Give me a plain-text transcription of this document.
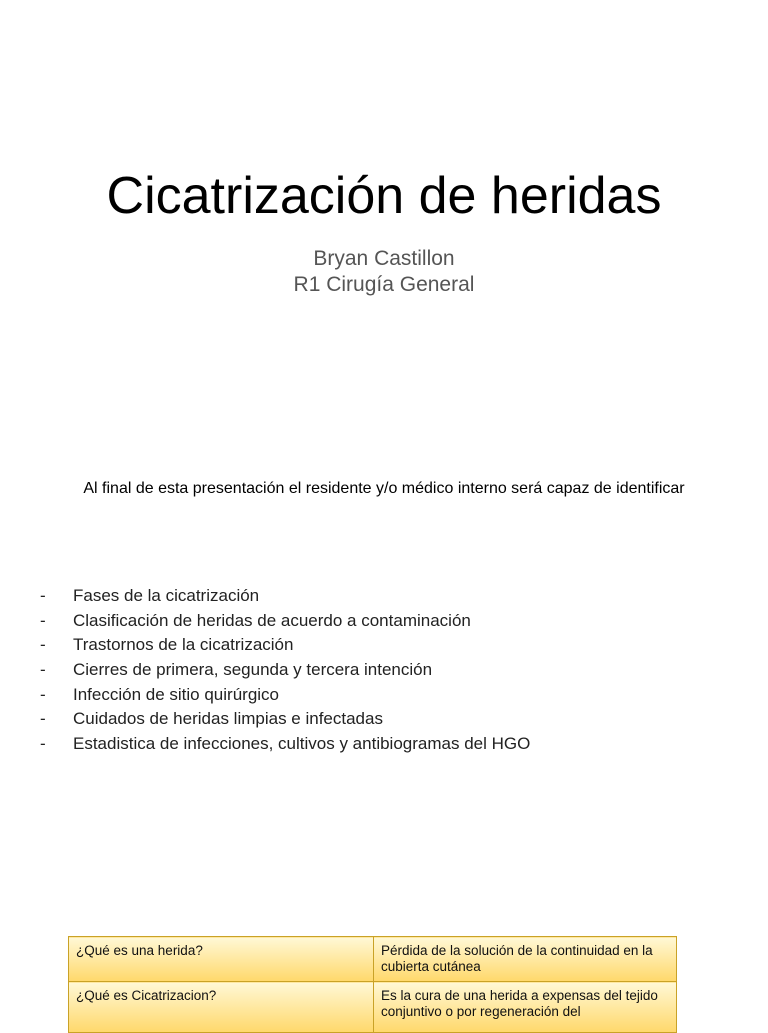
Cicatrización de heridas
Bryan Castillon
R1 Cirugía General
Al final de esta presentación el residente y/o médico interno será capaz de identificar
- Fases de la cicatrización
- Clasificación de heridas de acuerdo a contaminación
- Trastornos de la cicatrización
- Cierres de primera, segunda y tercera intención
- Infección de sitio quirúrgico
- Cuidados de heridas limpias e infectadas
- Estadistica de infecciones, cultivos y antibiogramas del HGO
¿Qué es una herida?	Pérdida de la solución de la continuidad en la cubierta cutánea
¿Qué es Cicatrizacion?	Es la cura de una herida a expensas del tejido conjuntivo o por regeneración del
